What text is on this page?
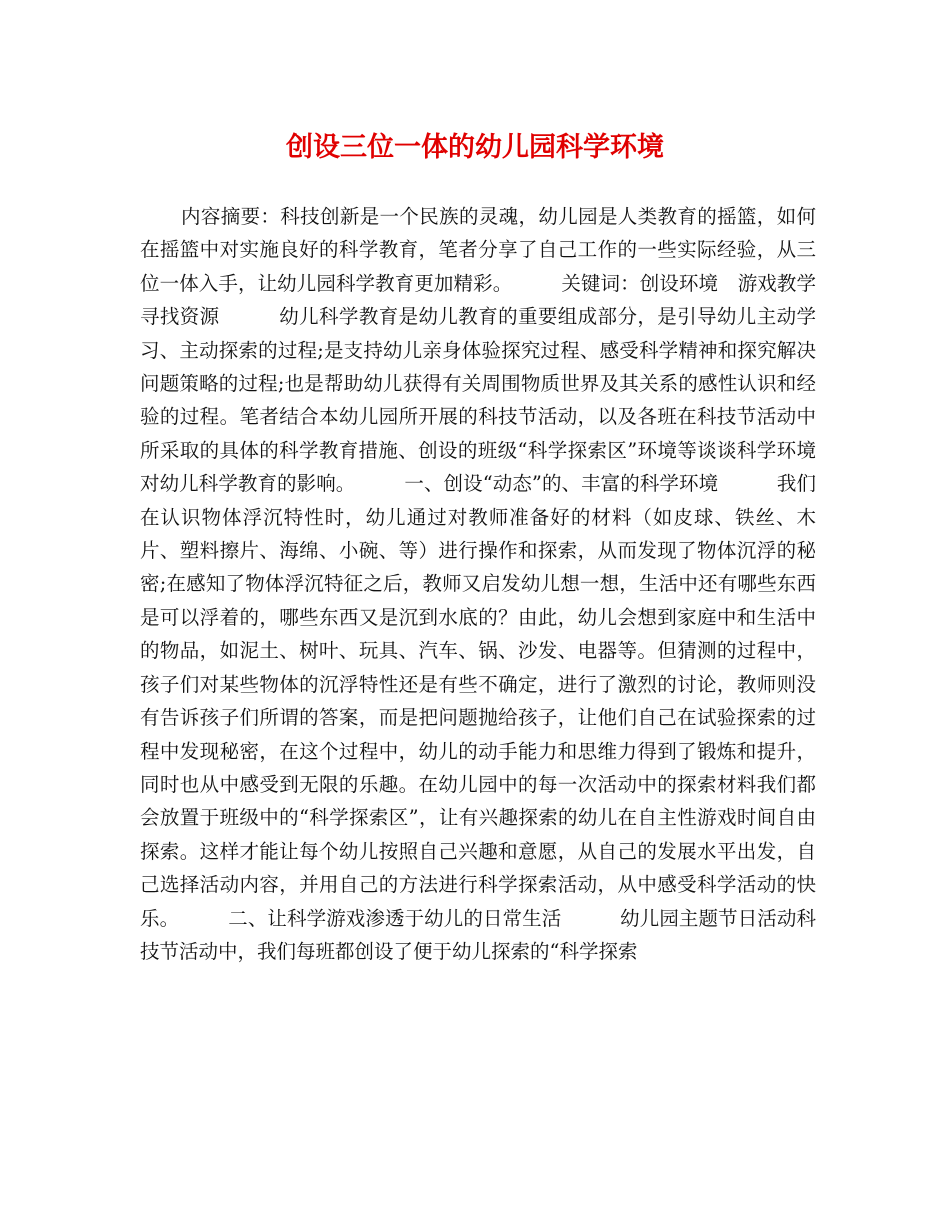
创设三位一体的幼儿园科学环境

内容摘要：科技创新是一个民族的灵魂，幼儿园是人类教育的摇篮，如何在摇篮中对实施良好的科学教育，笔者分享了自己工作的一些实际经验，从三位一体入手，让幼儿园科学教育更加精彩。　　　关键词：创设环境　游戏教学　寻找资源　　　幼儿科学教育是幼儿教育的重要组成部分，是引导幼儿主动学习、主动探索的过程;是支持幼儿亲身体验探究过程、感受科学精神和探究解决问题策略的过程;也是帮助幼儿获得有关周围物质世界及其关系的感性认识和经验的过程。笔者结合本幼儿园所开展的科技节活动，以及各班在科技节活动中所采取的具体的科学教育措施、创设的班级“科学探索区”环境等谈谈科学环境对幼儿科学教育的影响。　　　一、创设“动态”的、丰富的科学环境　　　我们在认识物体浮沉特性时，幼儿通过对教师准备好的材料（如皮球、铁丝、木片、塑料擦片、海绵、小碗、等）进行操作和探索，从而发现了物体沉浮的秘密;在感知了物体浮沉特征之后，教师又启发幼儿想一想，生活中还有哪些东西是可以浮着的，哪些东西又是沉到水底的？由此，幼儿会想到家庭中和生活中的物品，如泥土、树叶、玩具、汽车、锅、沙发、电器等。但猜测的过程中，孩子们对某些物体的沉浮特性还是有些不确定，进行了激烈的讨论，教师则没有告诉孩子们所谓的答案，而是把问题抛给孩子，让他们自己在试验探索的过程中发现秘密，在这个过程中，幼儿的动手能力和思维力得到了锻炼和提升，同时也从中感受到无限的乐趣。在幼儿园中的每一次活动中的探索材料我们都会放置于班级中的“科学探索区”，让有兴趣探索的幼儿在自主性游戏时间自由探索。这样才能让每个幼儿按照自己兴趣和意愿，从自己的发展水平出发，自己选择活动内容，并用自己的方法进行科学探索活动，从中感受科学活动的快乐。　　　二、让科学游戏渗透于幼儿的日常生活　　　幼儿园主题节日活动科技节活动中，我们每班都创设了便于幼儿探索的“科学探索
